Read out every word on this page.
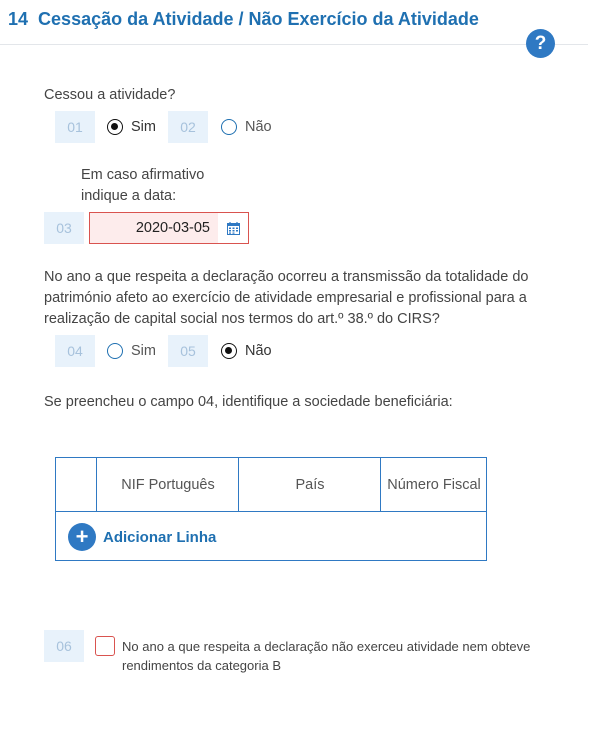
14 Cessação da Atividade / Não Exercício da Atividade
?
Cessou a atividade?
01	Sim	02	Não
Em caso afirmativo
indique a data:
03	2020-03-05
No ano a que respeita a declaração ocorreu a transmissão da totalidade do
património afeto ao exercício de atividade empresarial e profissional para a
realização de capital social nos termos do art.º 38.º do CIRS?
04	Sim	05	Não
Se preencheu o campo 04, identifique a sociedade beneficiária:
NIF Português	País	Número Fiscal
+ Adicionar Linha
06	No ano a que respeita a declaração não exerceu atividade nem obteve
rendimentos da categoria B
